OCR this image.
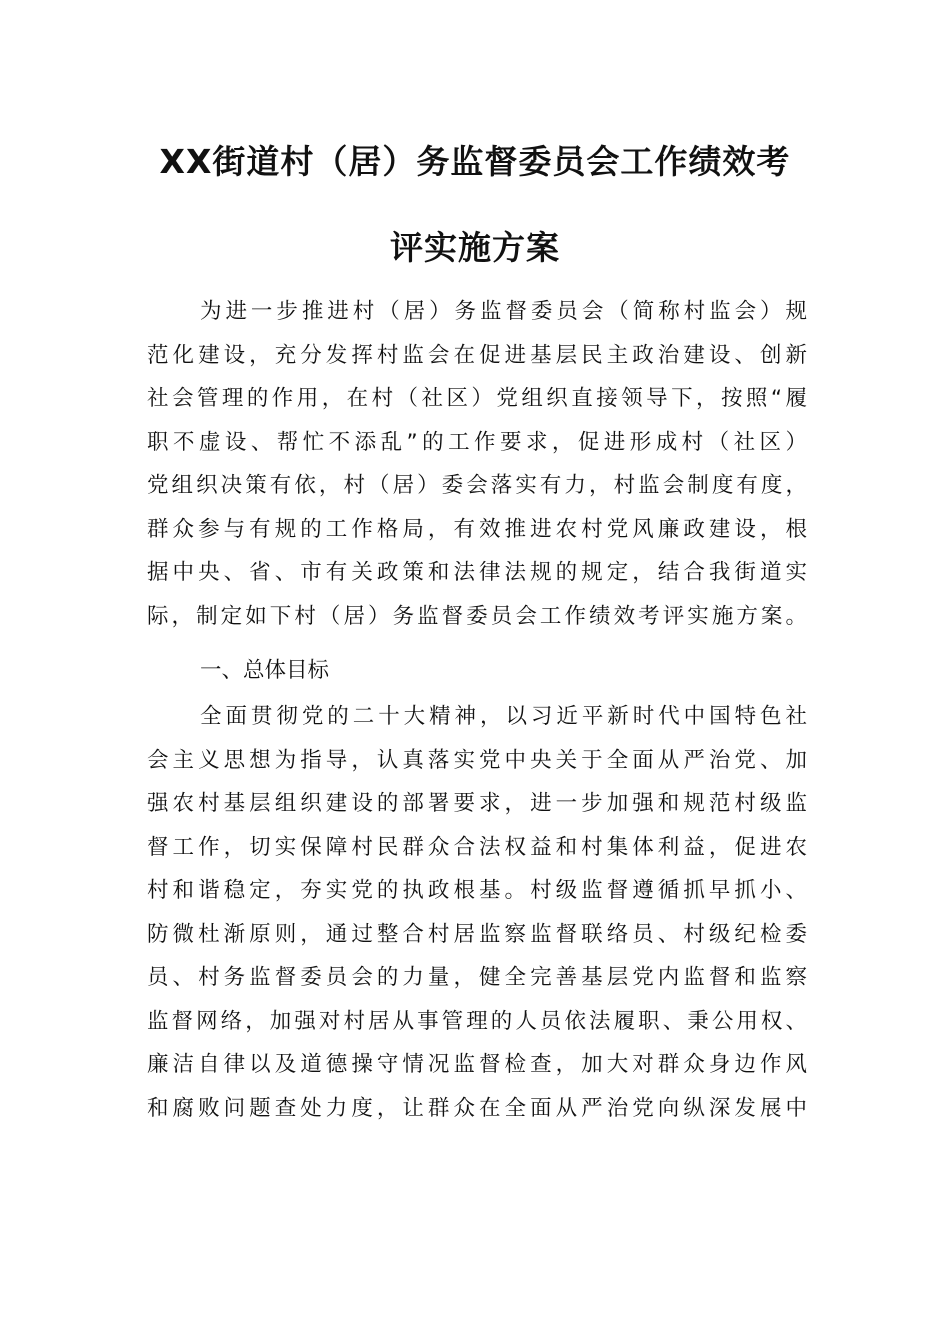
XX街道村（居）务监督委员会工作绩效考
评实施方案
为进一步推进村（居）务监督委员会（简称村监会）规
范化建设，充分发挥村监会在促进基层民主政治建设、创新
社会管理的作用，在村（社区）党组织直接领导下，按照“履
职不虚设、帮忙不添乱”的工作要求，促进形成村（社区）
党组织决策有依，村（居）委会落实有力，村监会制度有度，
群众参与有规的工作格局，有效推进农村党风廉政建设，根
据中央、省、市有关政策和法律法规的规定，结合我街道实
际，制定如下村（居）务监督委员会工作绩效考评实施方案。
一、总体目标
全面贯彻党的二十大精神，以习近平新时代中国特色社
会主义思想为指导，认真落实党中央关于全面从严治党、加
强农村基层组织建设的部署要求，进一步加强和规范村级监
督工作，切实保障村民群众合法权益和村集体利益，促进农
村和谐稳定，夯实党的执政根基。村级监督遵循抓早抓小、
防微杜渐原则，通过整合村居监察监督联络员、村级纪检委
员、村务监督委员会的力量，健全完善基层党内监督和监察
监督网络，加强对村居从事管理的人员依法履职、秉公用权、
廉洁自律以及道德操守情况监督检查，加大对群众身边作风
和腐败问题查处力度，让群众在全面从严治党向纵深发展中
